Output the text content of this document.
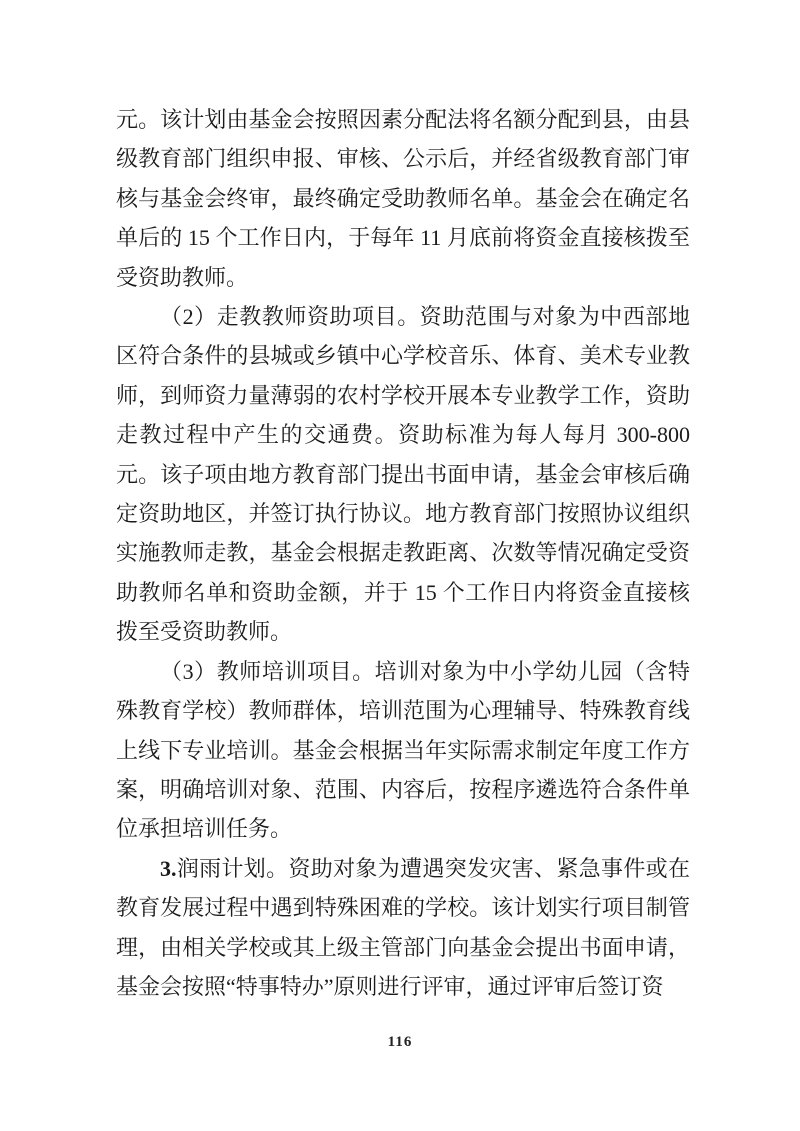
元。该计划由基金会按照因素分配法将名额分配到县，由县级教育部门组织申报、审核、公示后，并经省级教育部门审核与基金会终审，最终确定受助教师名单。基金会在确定名单后的 15 个工作日内，于每年 11 月底前将资金直接核拨至受资助教师。

（2）走教教师资助项目。资助范围与对象为中西部地区符合条件的县城或乡镇中心学校音乐、体育、美术专业教师，到师资力量薄弱的农村学校开展本专业教学工作，资助走教过程中产生的交通费。资助标准为每人每月 300-800 元。该子项由地方教育部门提出书面申请，基金会审核后确定资助地区，并签订执行协议。地方教育部门按照协议组织实施教师走教，基金会根据走教距离、次数等情况确定受资助教师名单和资助金额，并于 15 个工作日内将资金直接核拨至受资助教师。

（3）教师培训项目。培训对象为中小学幼儿园（含特殊教育学校）教师群体，培训范围为心理辅导、特殊教育线上线下专业培训。基金会根据当年实际需求制定年度工作方案，明确培训对象、范围、内容后，按程序遴选符合条件单位承担培训任务。

3.润雨计划。资助对象为遭遇突发灾害、紧急事件或在教育发展过程中遇到特殊困难的学校。该计划实行项目制管理，由相关学校或其上级主管部门向基金会提出书面申请，基金会按照“特事特办”原则进行评审，通过评审后签订资

116
